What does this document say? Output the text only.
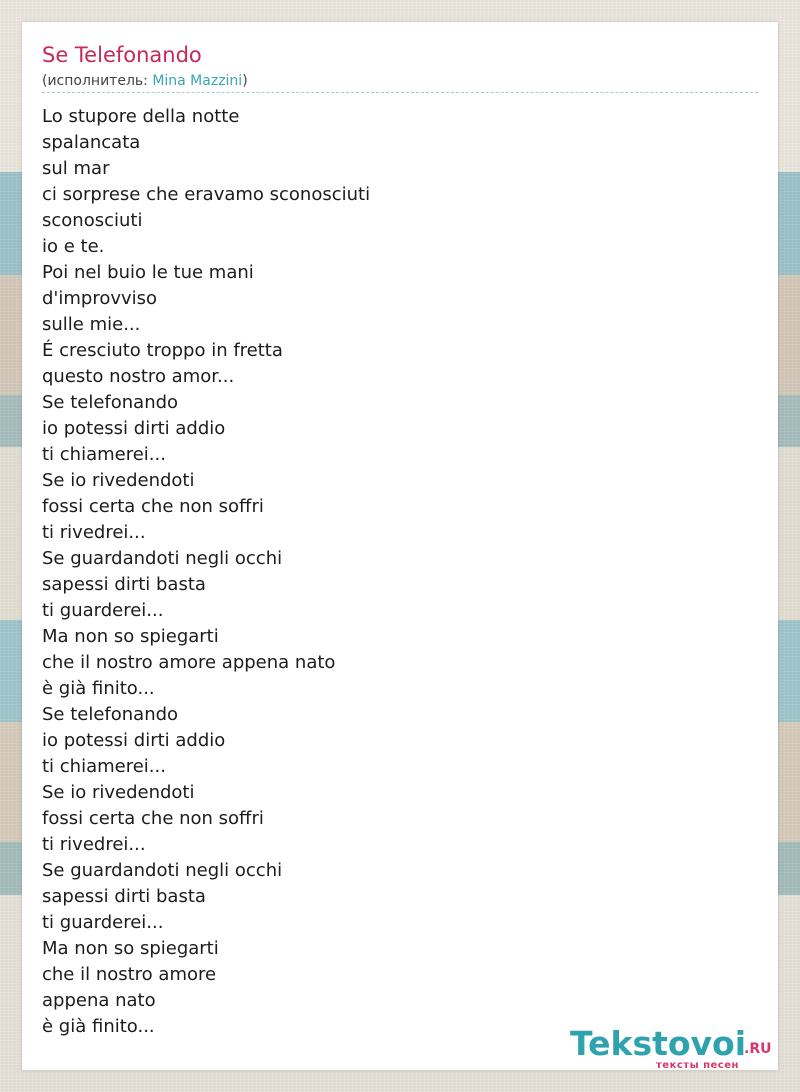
Se Telefonando
(исполнитель: Mina Mazzini)
Lo stupore della notte
spalancata
sul mar
ci sorprese che eravamo sconosciuti
sconosciuti
io e te.
Poi nel buio le tue mani
d'improvviso
sulle mie...
É cresciuto troppo in fretta
questo nostro amor...
Se telefonando
io potessi dirti addio
ti chiamerei...
Se io rivedendoti
fossi certa che non soffri
ti rivedrei...
Se guardandoti negli occhi
sapessi dirti basta
ti guarderei...
Ma non so spiegarti
che il nostro amore appena nato
è già finito...
Se telefonando
io potessi dirti addio
ti chiamerei...
Se io rivedendoti
fossi certa che non soffri
ti rivedrei...
Se guardandoti negli occhi
sapessi dirti basta
ti guarderei...
Ma non so spiegarti
che il nostro amore
appena nato
è già finito...	Tekstovoi
.RU
тексты песен
